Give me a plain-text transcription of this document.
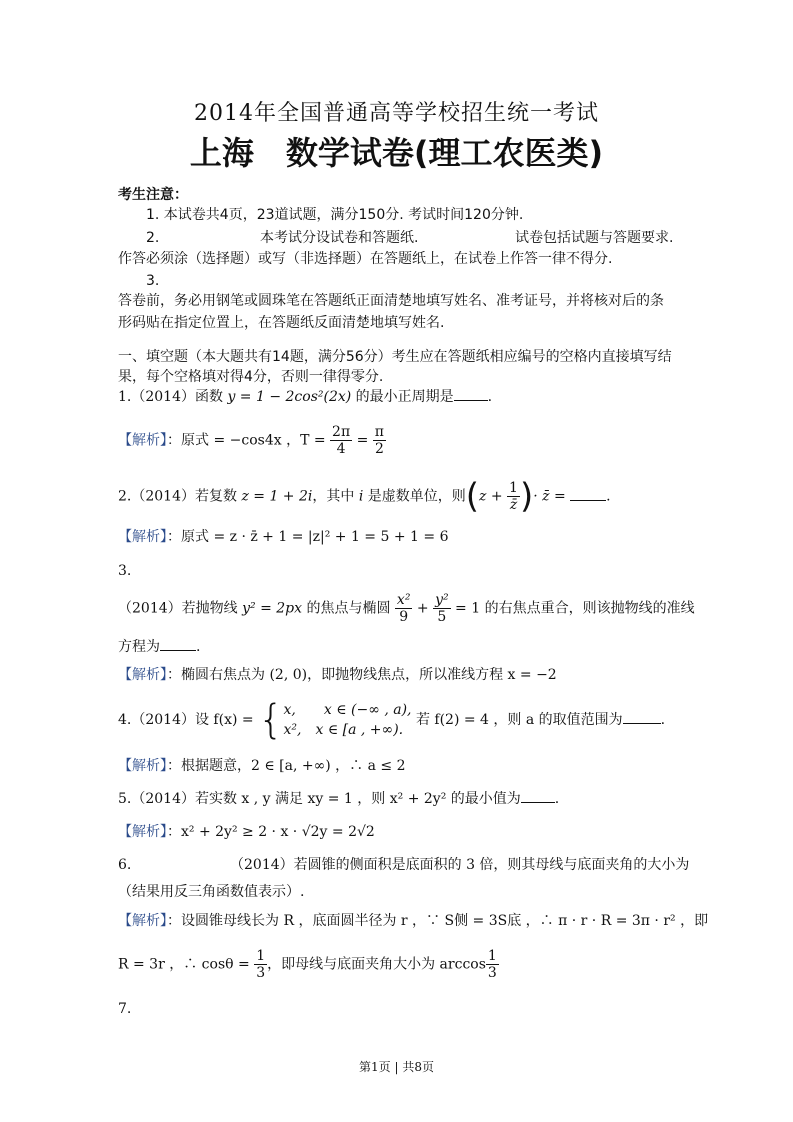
2014年全国普通高等学校招生统一考试
上海　数学试卷(理工农医类)
考生注意：
1. 本试卷共4页，23道试题，满分150分. 考试时间120分钟.
2.	本考试分设试卷和答题纸.	试卷包括试题与答题要求.
作答必须涂（选择题）或写（非选择题）在答题纸上，在试卷上作答一律不得分.
3.
答卷前，务必用钢笔或圆珠笔在答题纸正面清楚地填写姓名、准考证号，并将核对后的条
形码贴在指定位置上，在答题纸反面清楚地填写姓名.
一、填空题（本大题共有14题，满分56分）考生应在答题纸相应编号的空格内直接填写结
果，每个空格填对得4分，否则一律得零分.
1.（2014）函数 y = 1 − 2cos²(2x) 的最小正周期是 .
【解析】：原式 = −cos4x ，$T = \frac{2\pi}{4} = \frac{\pi}{2}$
2.（2014）若复数 z = 1 + 2i，其中 i 是虚数单位，则($z + \frac{1}{z̄}$ )· z̄ =	.
【解析】：原式 = z · z̄ + 1 = |z|² + 1 = 5 + 1 = 6
3.
（2014）若抛物线 y² = 2px 的焦点与椭圆 $\frac{\text{x²}}{9} + \frac{\text{y²}}{5} = 1$ 的右焦点重合，则该抛物线的准线
方程为	.
【解析】：椭圆右焦点为 (2, 0)，即抛物线焦点，所以准线方程 x = −2
4.（2014）设 f(x) = { x,  x ∈ (−∞ , a),
x², x ∈ [a , +∞).
若 f(2) = 4 ，则 a 的取值范围为	.
【解析】：根据题意，2 ∈ [a, +∞) ，∴ a ≤ 2
5.（2014）若实数 x , y 满足 xy = 1 ，则 x² + 2y² 的最小值为 .
【解析】：x² + 2y² ≥ 2 · x · √2y = 2√2
6.	（2014）若圆锥的侧面积是底面积的 3 倍，则其母线与底面夹角的大小为
（结果用反三角函数值表示）.
【解析】：设圆锥母线长为 R ，底面圆半径为 r ，∵ S侧 = 3S底 ，∴ π · r · R = 3π · r² ，即
R = 3r ，∴ $\cos\theta = \frac{1}{3}$ ，即母线与底面夹角大小为 $\arccos \frac{1}{3}$
7.
第1页 | 共8页
